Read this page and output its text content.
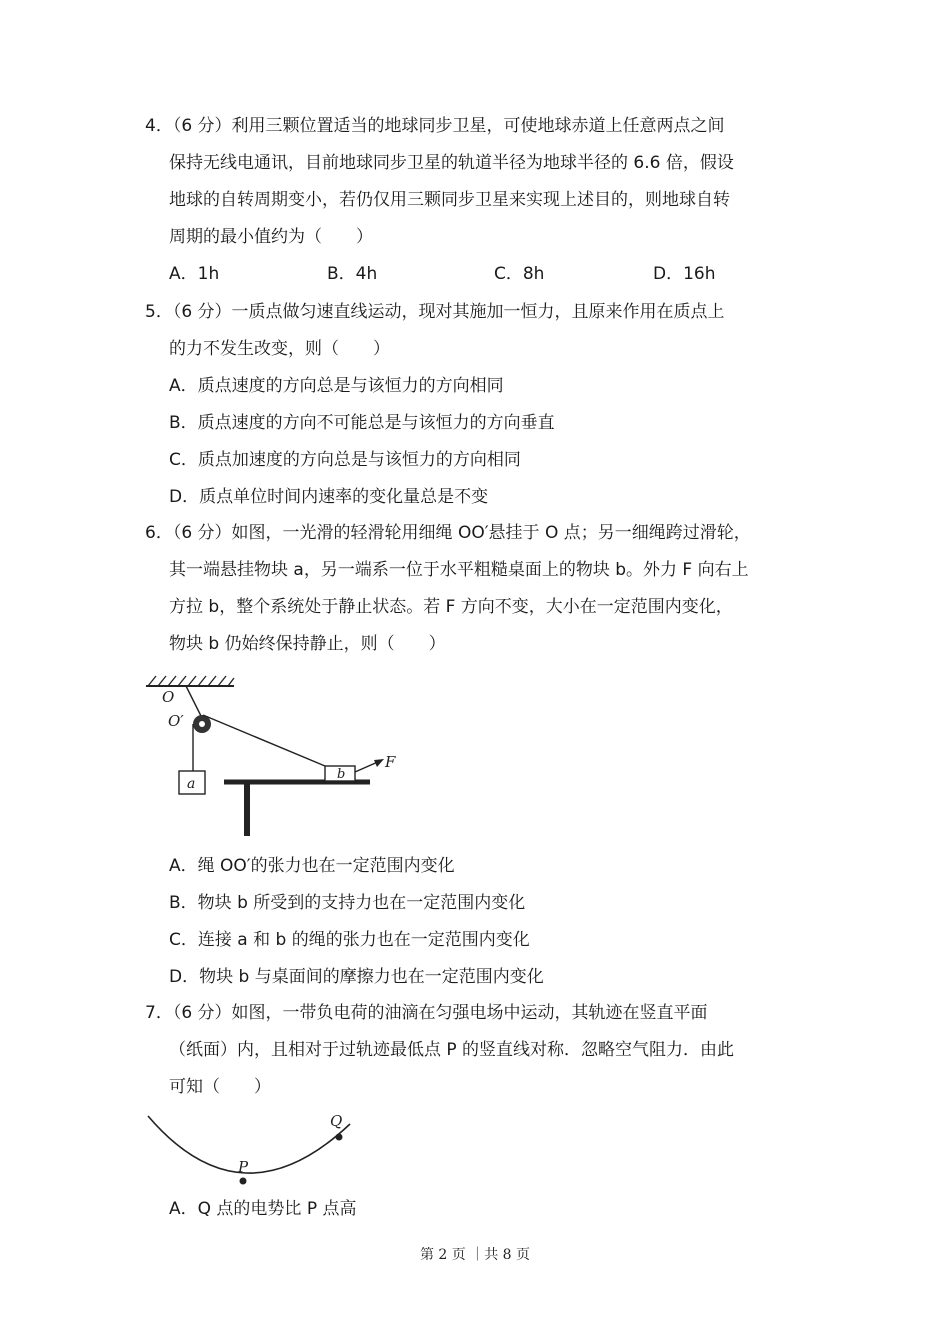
4．（6 分）利用三颗位置适当的地球同步卫星，可使地球赤道上任意两点之间
保持无线电通讯，目前地球同步卫星的轨道半径为地球半径的 6.6 倍，假设
地球的自转周期变小，若仍仅用三颗同步卫星来实现上述目的，则地球自转
周期的最小值约为（　　）
A．1h	B．4h	C．8h	D．16h
5．（6 分）一质点做匀速直线运动，现对其施加一恒力，且原来作用在质点上
的力不发生改变，则（　　）
A．质点速度的方向总是与该恒力的方向相同
B．质点速度的方向不可能总是与该恒力的方向垂直
C．质点加速度的方向总是与该恒力的方向相同
D．质点单位时间内速率的变化量总是不变
6．（6 分）如图，一光滑的轻滑轮用细绳 OO′悬挂于 O 点；另一细绳跨过滑轮，
其一端悬挂物块 a，另一端系一位于水平粗糙桌面上的物块 b。外力 F 向右上
方拉 b，整个系统处于静止状态。若 F 方向不变，大小在一定范围内变化，
物块 b 仍始终保持静止，则（　　）
O
O′
a
b
F
A．绳 OO′的张力也在一定范围内变化
B．物块 b 所受到的支持力也在一定范围内变化
C．连接 a 和 b 的绳的张力也在一定范围内变化
D．物块 b 与桌面间的摩擦力也在一定范围内变化
7．（6 分）如图，一带负电荷的油滴在匀强电场中运动，其轨迹在竖直平面
（纸面）内，且相对于过轨迹最低点 P 的竖直线对称．忽略空气阻力．由此
可知（　　）
P
Q
A．Q 点的电势比 P 点高
第 2 页 ｜共 8 页
